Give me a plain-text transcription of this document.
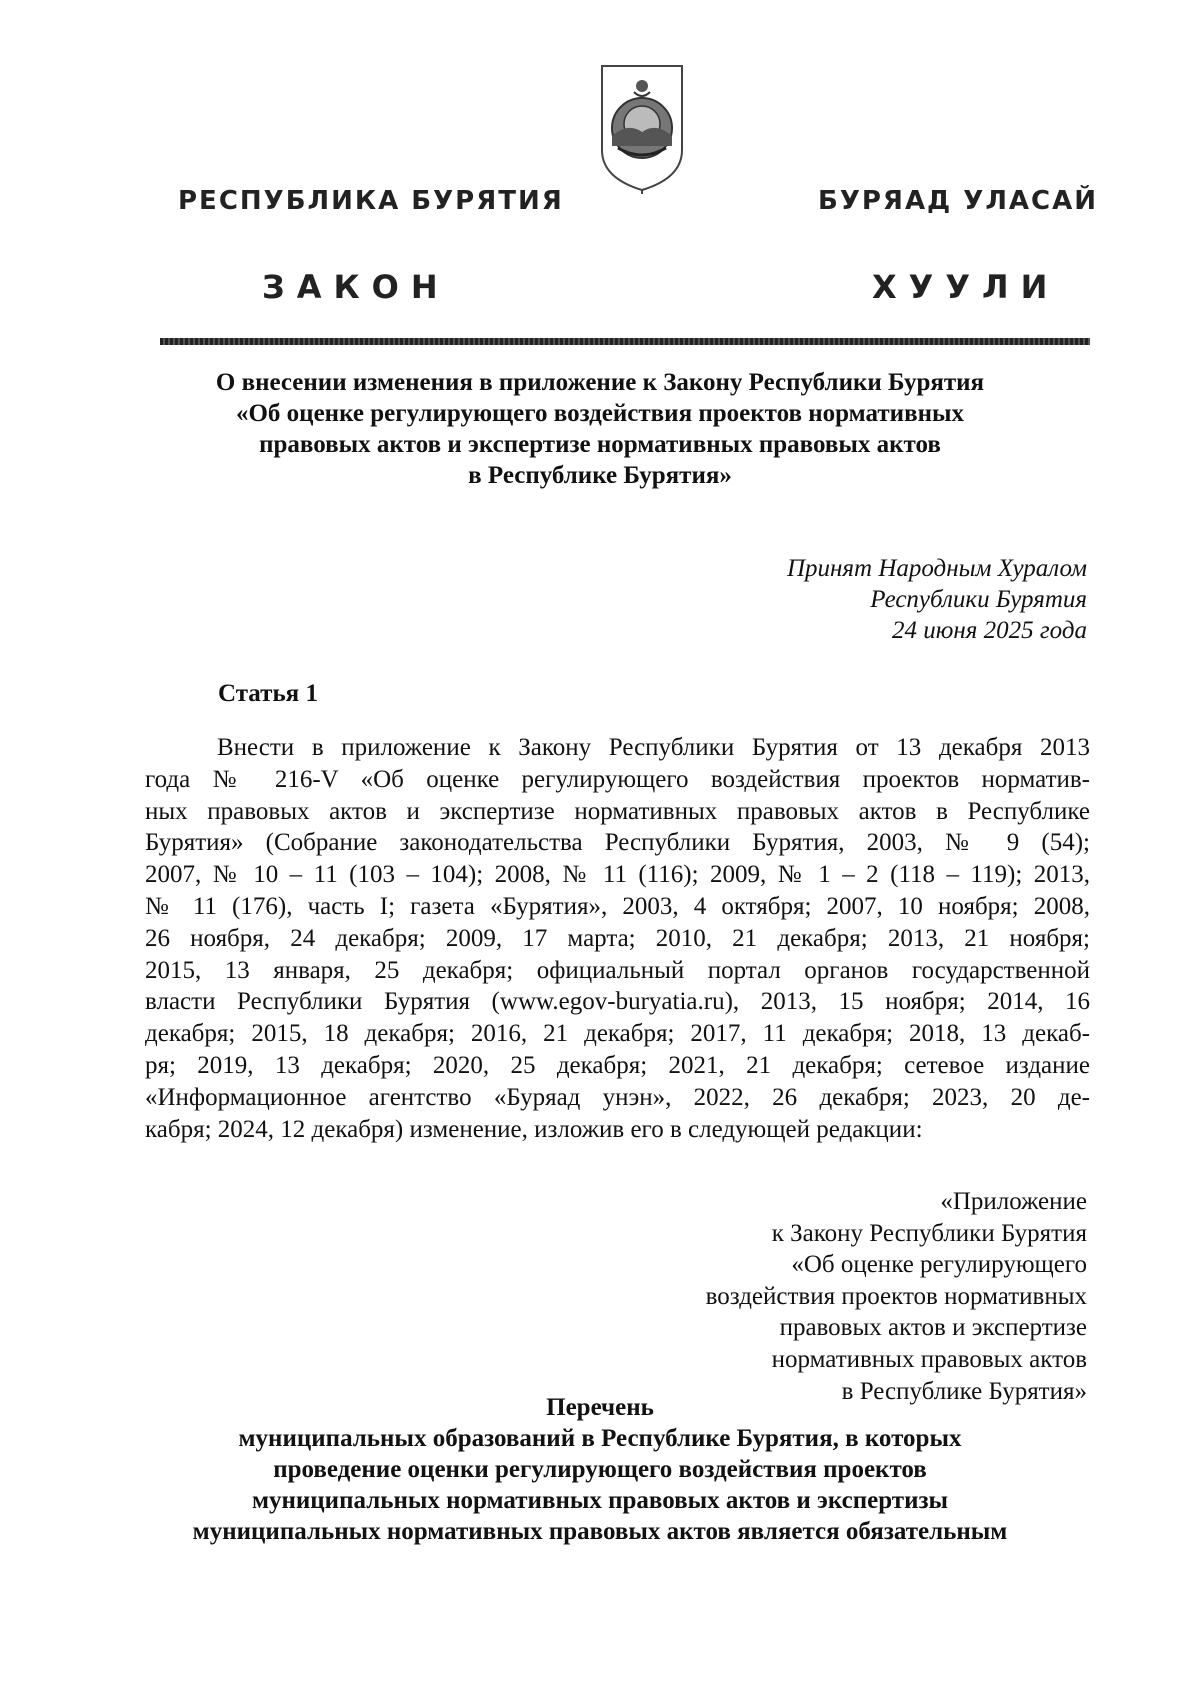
РЕСПУБЛИКА БУРЯТИЯ	БУРЯАД УЛАСАЙ
ЗАКОН	ХУУЛИ
О внесении изменения в приложение к Закону Республики Бурятия
«Об оценке регулирующего воздействия проектов нормативных
правовых актов и экспертизе нормативных правовых актов
в Республике Бурятия»
Принят Народным Хуралом
Республики Бурятия
24 июня 2025 года
Статья 1
Внести в приложение к Закону Республики Бурятия от 13 декабря 2013
года № 216-V «Об оценке регулирующего воздействия проектов норматив-
ных правовых актов и экспертизе нормативных правовых актов в Республике
Бурятия» (Собрание законодательства Республики Бурятия, 2003, № 9 (54);
2007, № 10 – 11 (103 – 104); 2008, № 11 (116); 2009, № 1 – 2 (118 – 119); 2013,
№ 11 (176), часть I; газета «Бурятия», 2003, 4 октября; 2007, 10 ноября; 2008,
26 ноября, 24 декабря; 2009, 17 марта; 2010, 21 декабря; 2013, 21 ноября;
2015, 13 января, 25 декабря; официальный портал органов государственной
власти Республики Бурятия (www.egov-buryatia.ru), 2013, 15 ноября; 2014, 16
декабря; 2015, 18 декабря; 2016, 21 декабря; 2017, 11 декабря; 2018, 13 декаб-
ря; 2019, 13 декабря; 2020, 25 декабря; 2021, 21 декабря; сетевое издание
«Информационное агентство «Буряад унэн», 2022, 26 декабря; 2023, 20 де-
кабря; 2024, 12 декабря) изменение, изложив его в следующей редакции:
«Приложение
к Закону Республики Бурятия
«Об оценке регулирующего
воздействия проектов нормативных
правовых актов и экспертизе
нормативных правовых актов
в Республике Бурятия»
Перечень
муниципальных образований в Республике Бурятия, в которых
проведение оценки регулирующего воздействия проектов
муниципальных нормативных правовых актов и экспертизы
муниципальных нормативных правовых актов является обязательным
